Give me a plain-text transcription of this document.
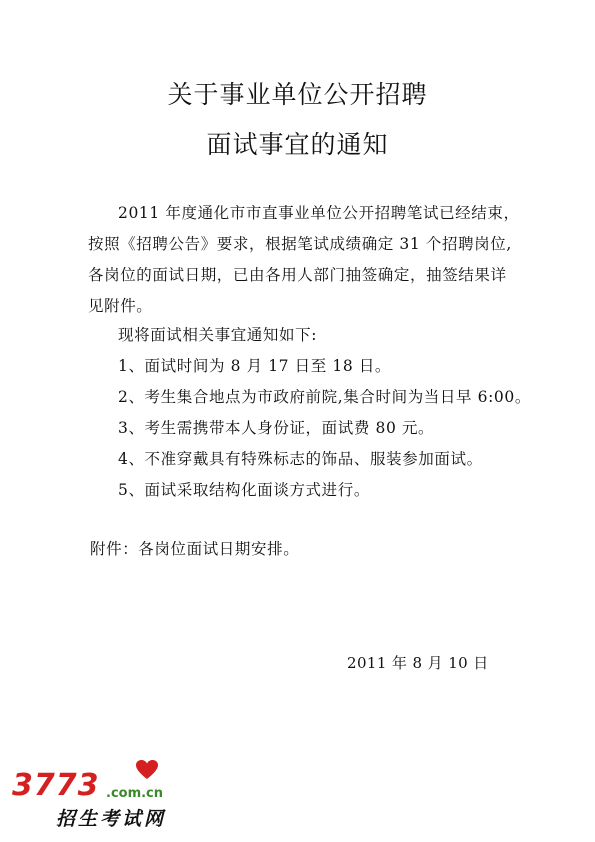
关于事业单位公开招聘
面试事宜的通知
2011 年度通化市市直事业单位公开招聘笔试已经结束，
按照《招聘公告》要求，根据笔试成绩确定 31 个招聘岗位,
各岗位的面试日期，已由各用人部门抽签确定，抽签结果详
见附件。
现将面试相关事宜通知如下:
1、面试时间为 8 月 17 日至 18 日。
2、考生集合地点为市政府前院,集合时间为当日早 6:00。
3、考生需携带本人身份证，面试费 80 元。
4、不准穿戴具有特殊标志的饰品、服装参加面试。
5、面试采取结构化面谈方式进行。
附件：各岗位面试日期安排。
2011 年 8 月 10 日
3773 .com.cn
招生考试网
